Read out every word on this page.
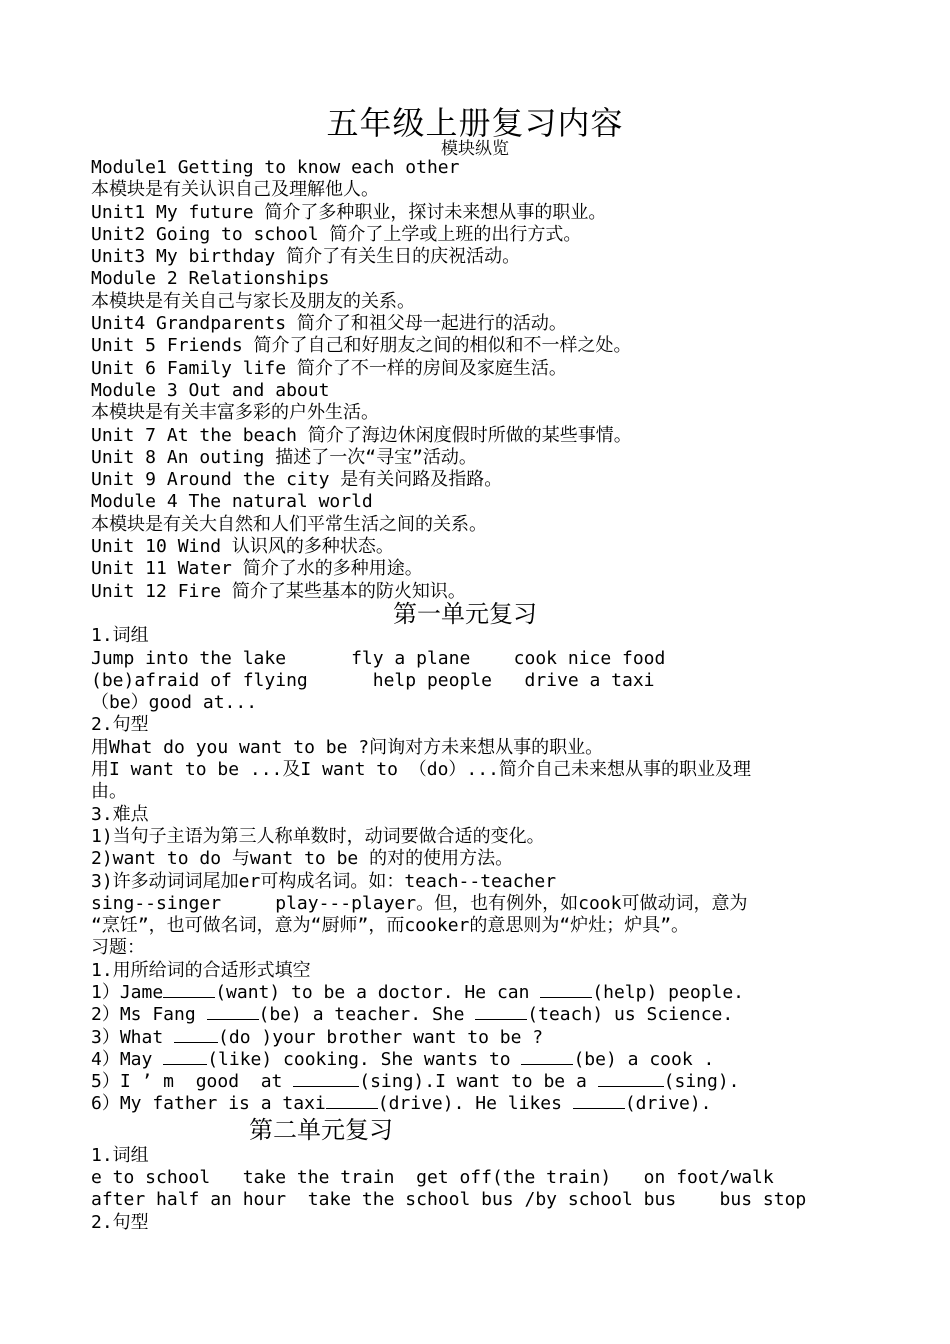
五年级上册复习内容
模块纵览
Module1 Getting to know each other
本模块是有关认识自己及理解他人。
Unit1 My future 简介了多种职业，探讨未来想从事的职业。
Unit2 Going to school 简介了上学或上班的出行方式。
Unit3 My birthday 简介了有关生日的庆祝活动。
Module 2 Relationships
本模块是有关自己与家长及朋友的关系。
Unit4 Grandparents 简介了和祖父母一起进行的活动。
Unit 5 Friends 简介了自己和好朋友之间的相似和不一样之处。
Unit 6 Family life 简介了不一样的房间及家庭生活。
Module 3 Out and about
本模块是有关丰富多彩的户外生活。
Unit 7 At the beach 简介了海边休闲度假时所做的某些事情。
Unit 8 An outing 描述了一次“寻宝”活动。
Unit 9 Around the city 是有关问路及指路。
Module 4 The natural world
本模块是有关大自然和人们平常生活之间的关系。
Unit 10 Wind 认识风的多种状态。
Unit 11 Water 简介了水的多种用途。
Unit 12 Fire 简介了某些基本的防火知识。
第一单元复习
1.词组
Jump into the lake      fly a plane    cook nice food
(be)afraid of flying      help people   drive a taxi
（be）good at...
2.句型
用What do you want to be ?问询对方未来想从事的职业。
用I want to be ...及I want to （do）...简介自己未来想从事的职业及理
由。
3.难点
1)当句子主语为第三人称单数时，动词要做合适的变化。
2)want to do 与want to be 的对的使用方法。
3)许多动词词尾加er可构成名词。如：teach--teacher
sing--singer     play---player。但，也有例外，如cook可做动词，意为
“烹饪”，也可做名词，意为“厨师”，而cooker的意思则为“炉灶；炉具”。
习题：
1.用所给词的合适形式填空
1）Jame	(want) to be a doctor. He can	(help) people.
2）Ms Fang	(be) a teacher. She	(teach) us Science.
3）What (do )your brother want to be ?
4）May (like) cooking. She wants to	(be) a cook .
5）I ’ m  good  at	(sing).I want to be a	(sing).
6）My father is a taxi	(drive). He likes	(drive).
第二单元复习
1.词组
e to school   take the train  get off(the train)   on foot/walk
after half an hour  take the school bus /by school bus    bus stop
2.句型
